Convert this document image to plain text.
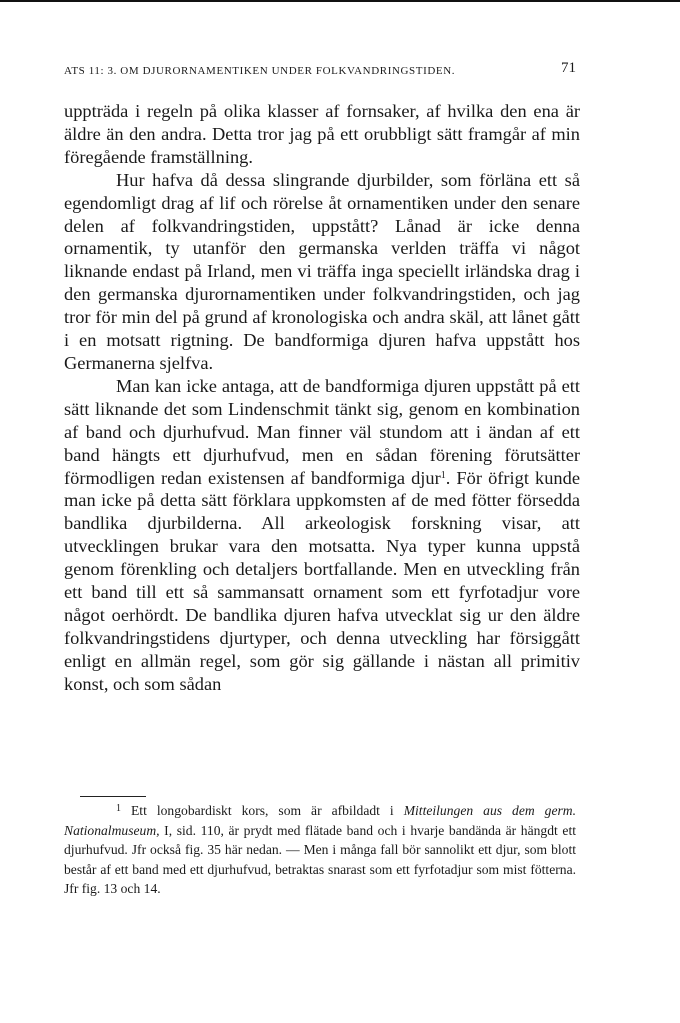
ATS 11: 3. OM DJURORNAMENTIKEN UNDER FOLKVANDRINGSTIDEN.	71

uppträda i regeln på olika klasser af fornsaker, af hvilka den ena är äldre än den andra. Detta tror jag på ett orubbligt sätt framgår af min föregående framställning.

Hur hafva då dessa slingrande djurbilder, som förläna ett så egendomligt drag af lif och rörelse åt ornamentiken under den senare delen af folkvandringstiden, uppstått? Lånad är icke denna ornamentik, ty utanför den germanska verlden träffa vi något liknande endast på Irland, men vi träffa inga speciellt irländska drag i den germanska djurornamentiken under folkvandringstiden, och jag tror för min del på grund af kronologiska och andra skäl, att lånet gått i en motsatt rigtning. De bandformiga djuren hafva uppstått hos Germanerna sjelfva.

Man kan icke antaga, att de bandformiga djuren uppstått på ett sätt liknande det som Lindenschmit tänkt sig, genom en kombination af band och djurhufvud. Man finner väl stundom att i ändan af ett band hängts ett djurhufvud, men en sådan förening förutsätter förmodligen redan existensen af bandformiga djur$^1$. För öfrigt kunde man icke på detta sätt förklara uppkomsten af de med fötter försedda bandlika djurbilderna. All arkeologisk forskning visar, att utvecklingen brukar vara den motsatta. Nya typer kunna uppstå genom förenkling och detaljers bortfallande. Men en utveckling från ett band till ett så sammansatt ornament som ett fyrfotadjur vore något oerhördt. De bandlika djuren hafva utvecklat sig ur den äldre folkvandringstidens djurtyper, och denna utveckling har försiggått enligt en allmän regel, som gör sig gällande i nästan all primitiv konst, och som sådan

$^1$ Ett longobardiskt kors, som är afbildadt i Mitteilungen aus dem germ. Nationalmuseum, I, sid. 110, är prydt med flätade band och i hvarje bandända är hängdt ett djurhufvud. Jfr också fig. 35 här nedan. — Men i många fall bör sannolikt ett djur, som blott består af ett band med ett djurhufvud, betraktas snarast som ett fyrfotadjur som mist fötterna. Jfr fig. 13 och 14.
